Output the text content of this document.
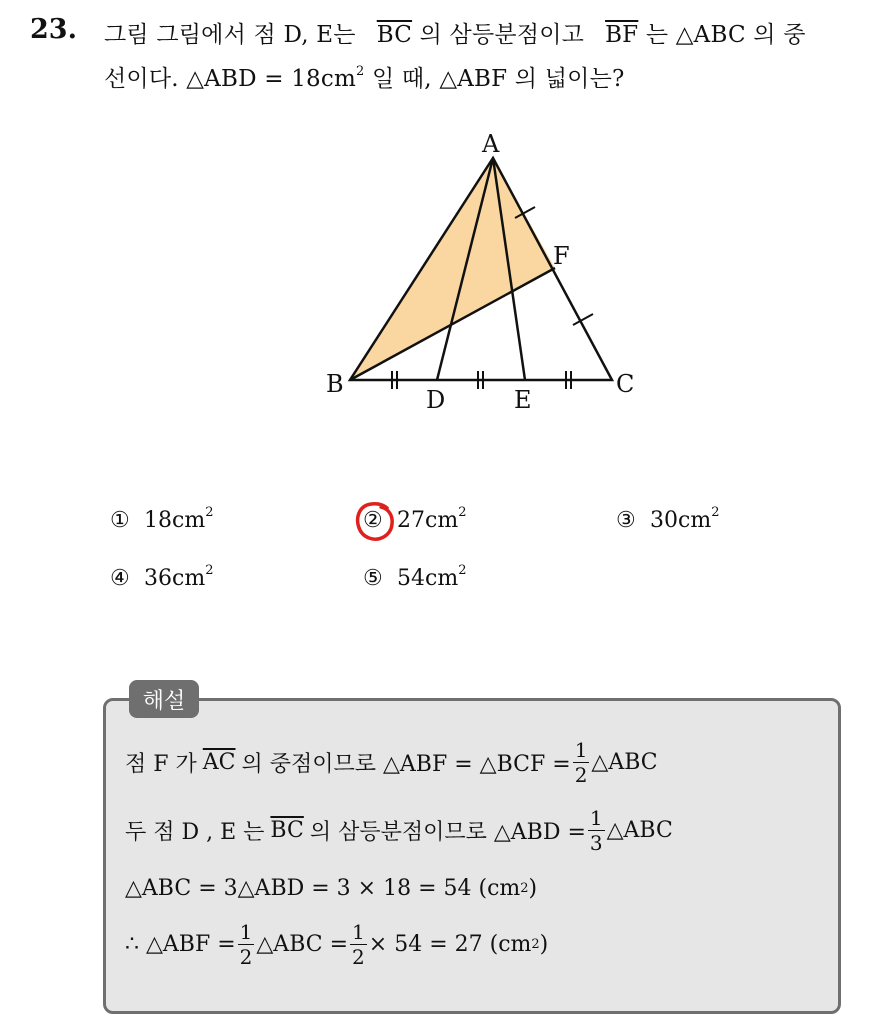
23. 그림 그림에서 점 D, E는 $\overline{BC}$ 의 삼등분점이고 $\overline{BF}$ 는 △ABC 의 중
선이다. △ABD = $18cm^2$ 일 때, △ABF 의 넓이는?
A
B	C
D	E
F
① $18cm^2$	② $27cm^2$	③ $30cm^2$
④ $36cm^2$	⑤ $54cm^2$
해설
점 F 가 $\overline{AC}$ 의 중점이므로 △ABF = △BCF = $\frac{1}{2}$ △ABC
두 점 D , E 는 $\overline{BC}$ 의 삼등분점이므로 △ABD = $\frac{1}{3}$ △ABC
△ABC = 3△ABD = 3 × 18 = 54 (cm 2 )
∴ △ABF = $\frac{1}{2}$ △ABC = $\frac{1}{2} \times 54 = 27$ (cm 2 )
